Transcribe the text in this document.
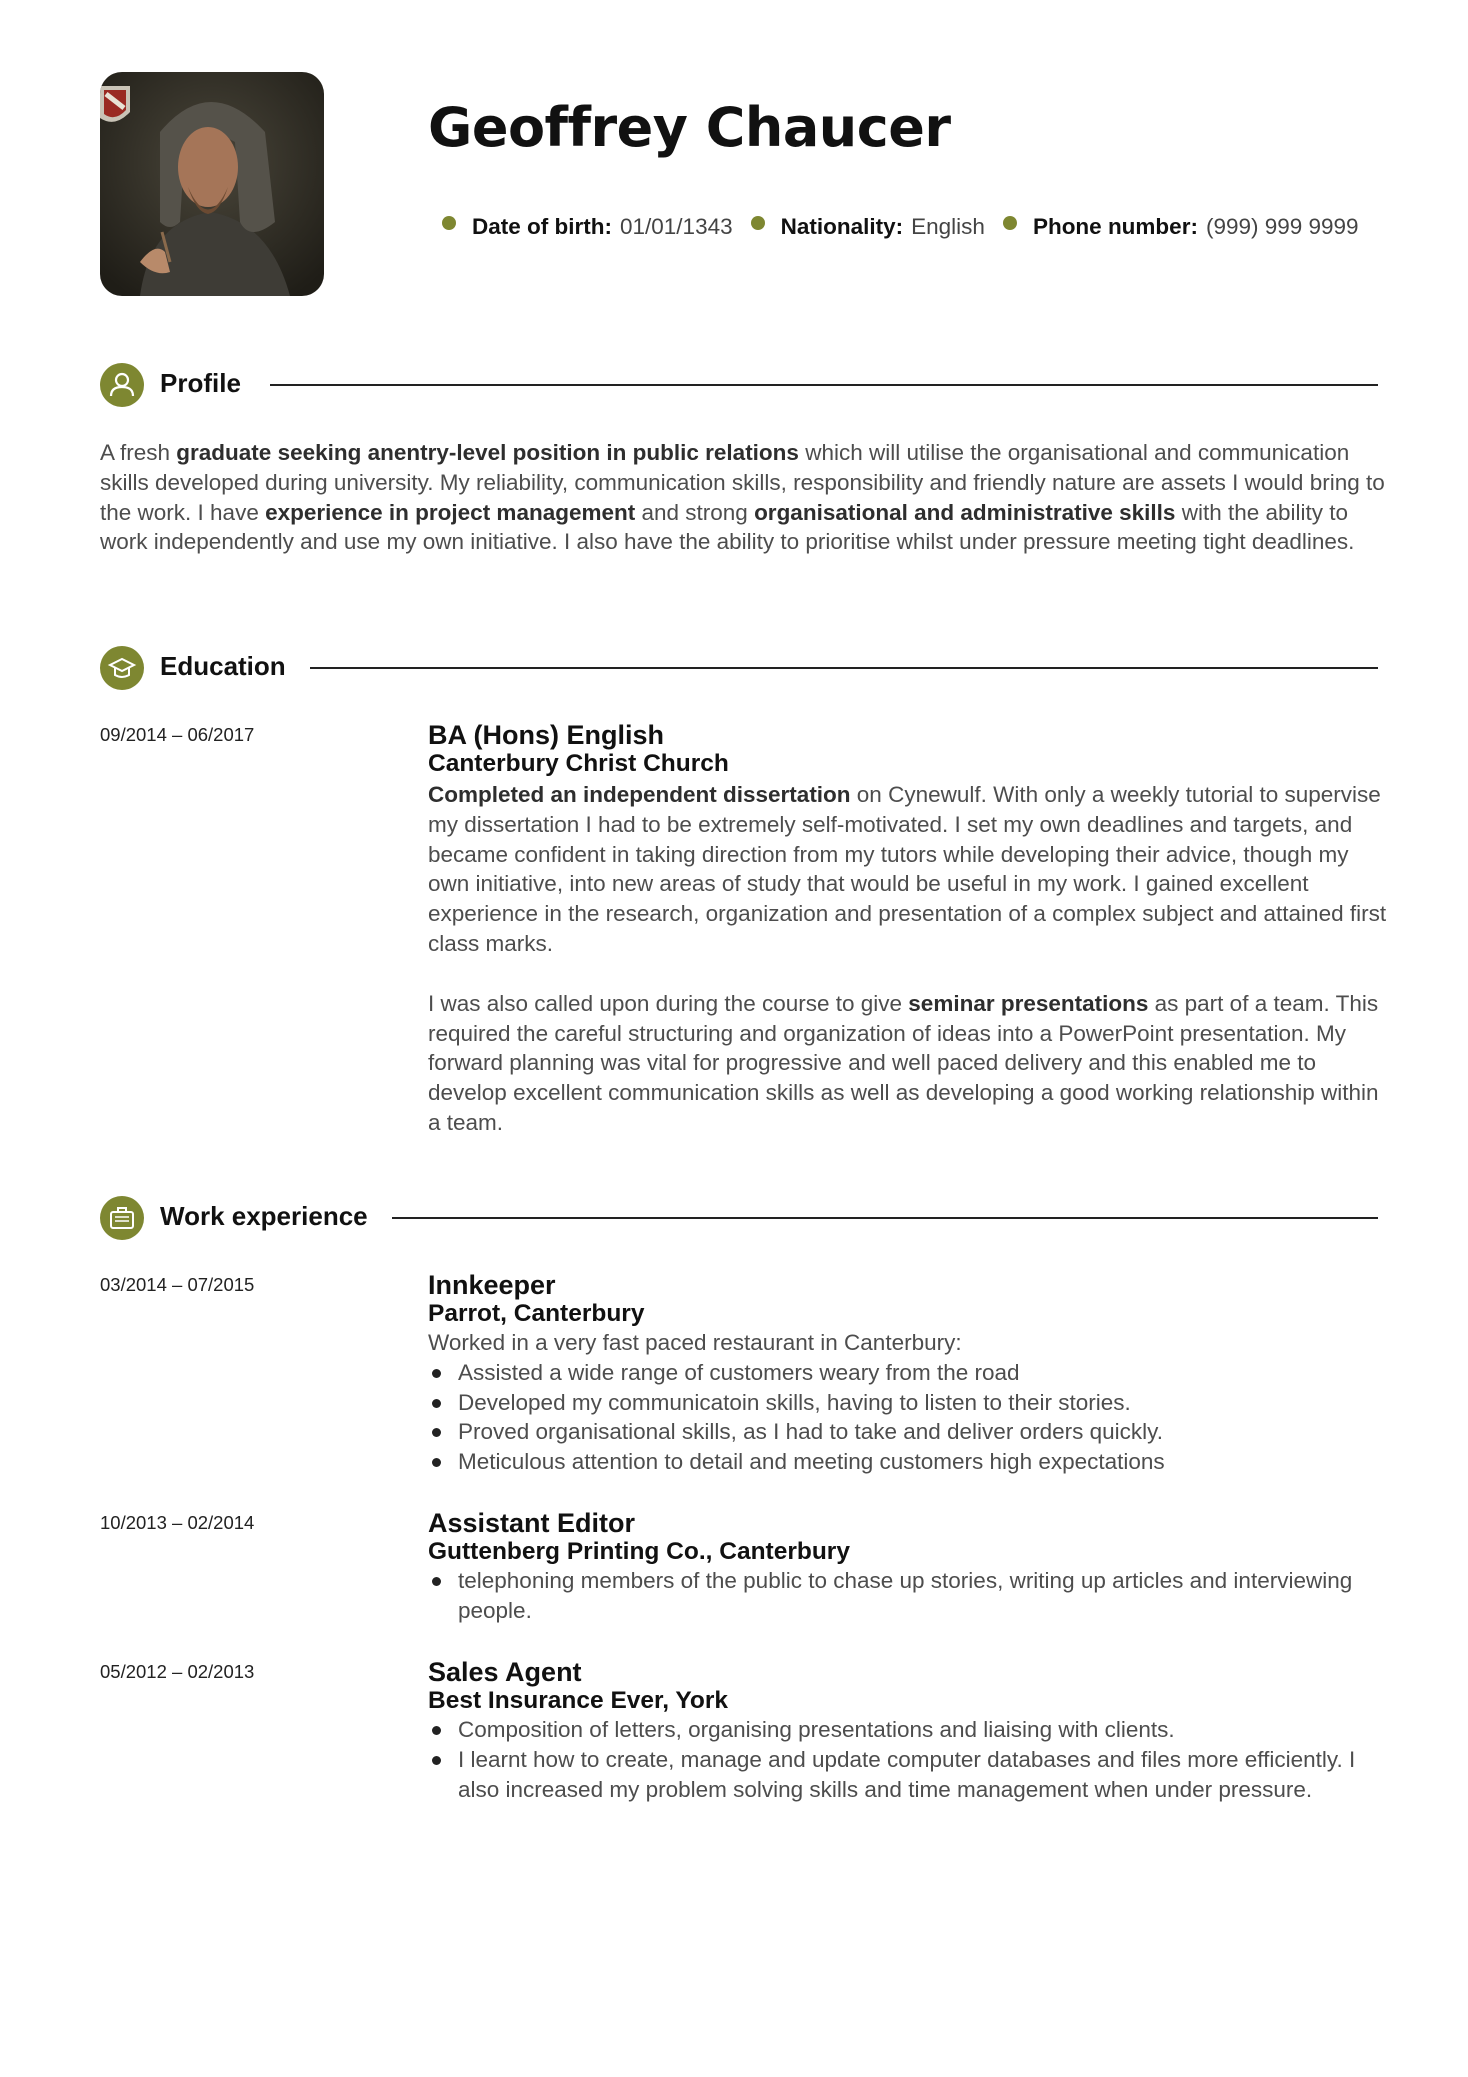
Geoffrey Chaucer
Date of birth: 01/01/1343 Nationality: English Phone number: (999) 999 9999
Profile
A fresh graduate seeking anentry-level position in public relations which will utilise the organisational and communication skills developed during university. My reliability, communication skills, responsibility and friendly nature are assets I would bring to the work. I have experience in project management and strong organisational and administrative skills with the ability to work independently and use my own initiative. I also have the ability to prioritise whilst under pressure meeting tight deadlines.
Education
09/2014 – 06/2017	BA (Hons) English
Canterbury Christ Church
Completed an independent dissertation on Cynewulf. With only a weekly tutorial to supervise my dissertation I had to be extremely self-motivated. I set my own deadlines and targets, and became confident in taking direction from my tutors while developing their advice, though my own initiative, into new areas of study that would be useful in my work. I gained excellent experience in the research, organization and presentation of a complex subject and attained first class marks.
I was also called upon during the course to give seminar presentations as part of a team. This required the careful structuring and organization of ideas into a PowerPoint presentation. My forward planning was vital for progressive and well paced delivery and this enabled me to develop excellent communication skills as well as developing a good working relationship within a team.
Work experience
03/2014 – 07/2015	Innkeeper
Parrot, Canterbury
Worked in a very fast paced restaurant in Canterbury:
Assisted a wide range of customers weary from the road
Developed my communicatoin skills, having to listen to their stories.
Proved organisational skills, as I had to take and deliver orders quickly.
Meticulous attention to detail and meeting customers high expectations
10/2013 – 02/2014	Assistant Editor
Guttenberg Printing Co., Canterbury
telephoning members of the public to chase up stories, writing up articles and interviewing people.
05/2012 – 02/2013	Sales Agent
Best Insurance Ever, York
Composition of letters, organising presentations and liaising with clients.
I learnt how to create, manage and update computer databases and files more efficiently. I also increased my problem solving skills and time management when under pressure.
